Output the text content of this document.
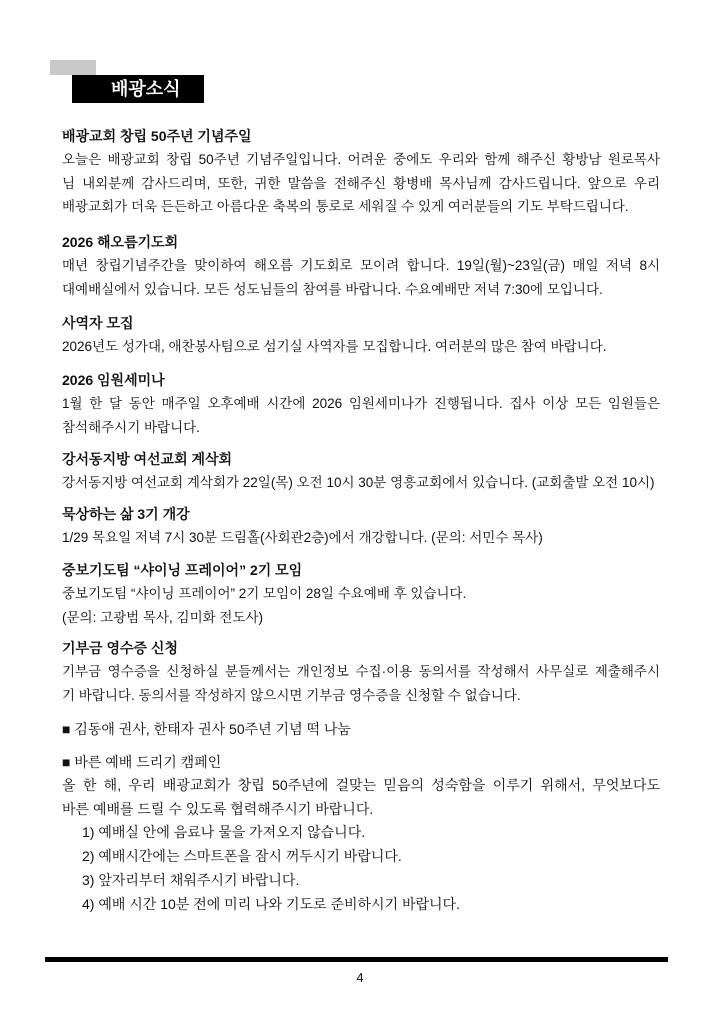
배광소식
배광교회 창립 50주년 기념주일
오늘은 배광교회 창립 50주년 기념주일입니다. 어려운 중에도 우리와 함께 해주신 황방남 원로목사
님 내외분께 감사드리며, 또한, 귀한 말씀을 전해주신 황병배 목사님께 감사드립니다. 앞으로 우리
배광교회가 더욱 든든하고 아름다운 축복의 통로로 세워질 수 있게 여러분들의 기도 부탁드립니다.
2026 해오름기도회
매년 창립기념주간을 맞이하여 해오름 기도회로 모이려 합니다. 19일(월)~23일(금) 매일 저녁 8시
대예배실에서 있습니다. 모든 성도님들의 참여를 바랍니다. 수요예배만 저녁 7:30에 모입니다.
사역자 모집
2026년도 성가대, 애찬봉사팀으로 섬기실 사역자를 모집합니다. 여러분의 많은 참여 바랍니다.
2026 임원세미나
1월 한 달 동안 매주일 오후예배 시간에 2026 임원세미나가 진행됩니다. 집사 이상 모든 임원들은
참석해주시기 바랍니다.
강서동지방 여선교회 계삭회
강서동지방 여선교회 계삭회가 22일(목) 오전 10시 30분 영흥교회에서 있습니다. (교회출발 오전 10시)
묵상하는 삶 3기 개강
1/29 목요일 저녁 7시 30분 드림홀(사회관2층)에서 개강합니다. (문의: 서민수 목사)
중보기도팀 “샤이닝 프레이어” 2기 모임
중보기도팀 “샤이닝 프레이어” 2기 모임이 28일 수요예배 후 있습니다.
(문의: 고광범 목사, 김미화 전도사)
기부금 영수증 신청
기부금 영수증을 신청하실 분들께서는 개인정보 수집·이용 동의서를 작성해서 사무실로 제출해주시
기 바랍니다. 동의서를 작성하지 않으시면 기부금 영수증을 신청할 수 없습니다.
■ 김동애 권사, 한태자 권사 50주년 기념 떡 나눔
■ 바른 예배 드리기 캠페인
올 한 해, 우리 배광교회가 창립 50주년에 걸맞는 믿음의 성숙함을 이루기 위해서, 무엇보다도
바른 예배를 드릴 수 있도록 협력해주시기 바랍니다.
1) 예배실 안에 음료나 물을 가져오지 않습니다.
2) 예배시간에는 스마트폰을 잠시 꺼두시기 바랍니다.
3) 앞자리부터 채워주시기 바랍니다.
4) 예배 시간 10분 전에 미리 나와 기도로 준비하시기 바랍니다.
4
